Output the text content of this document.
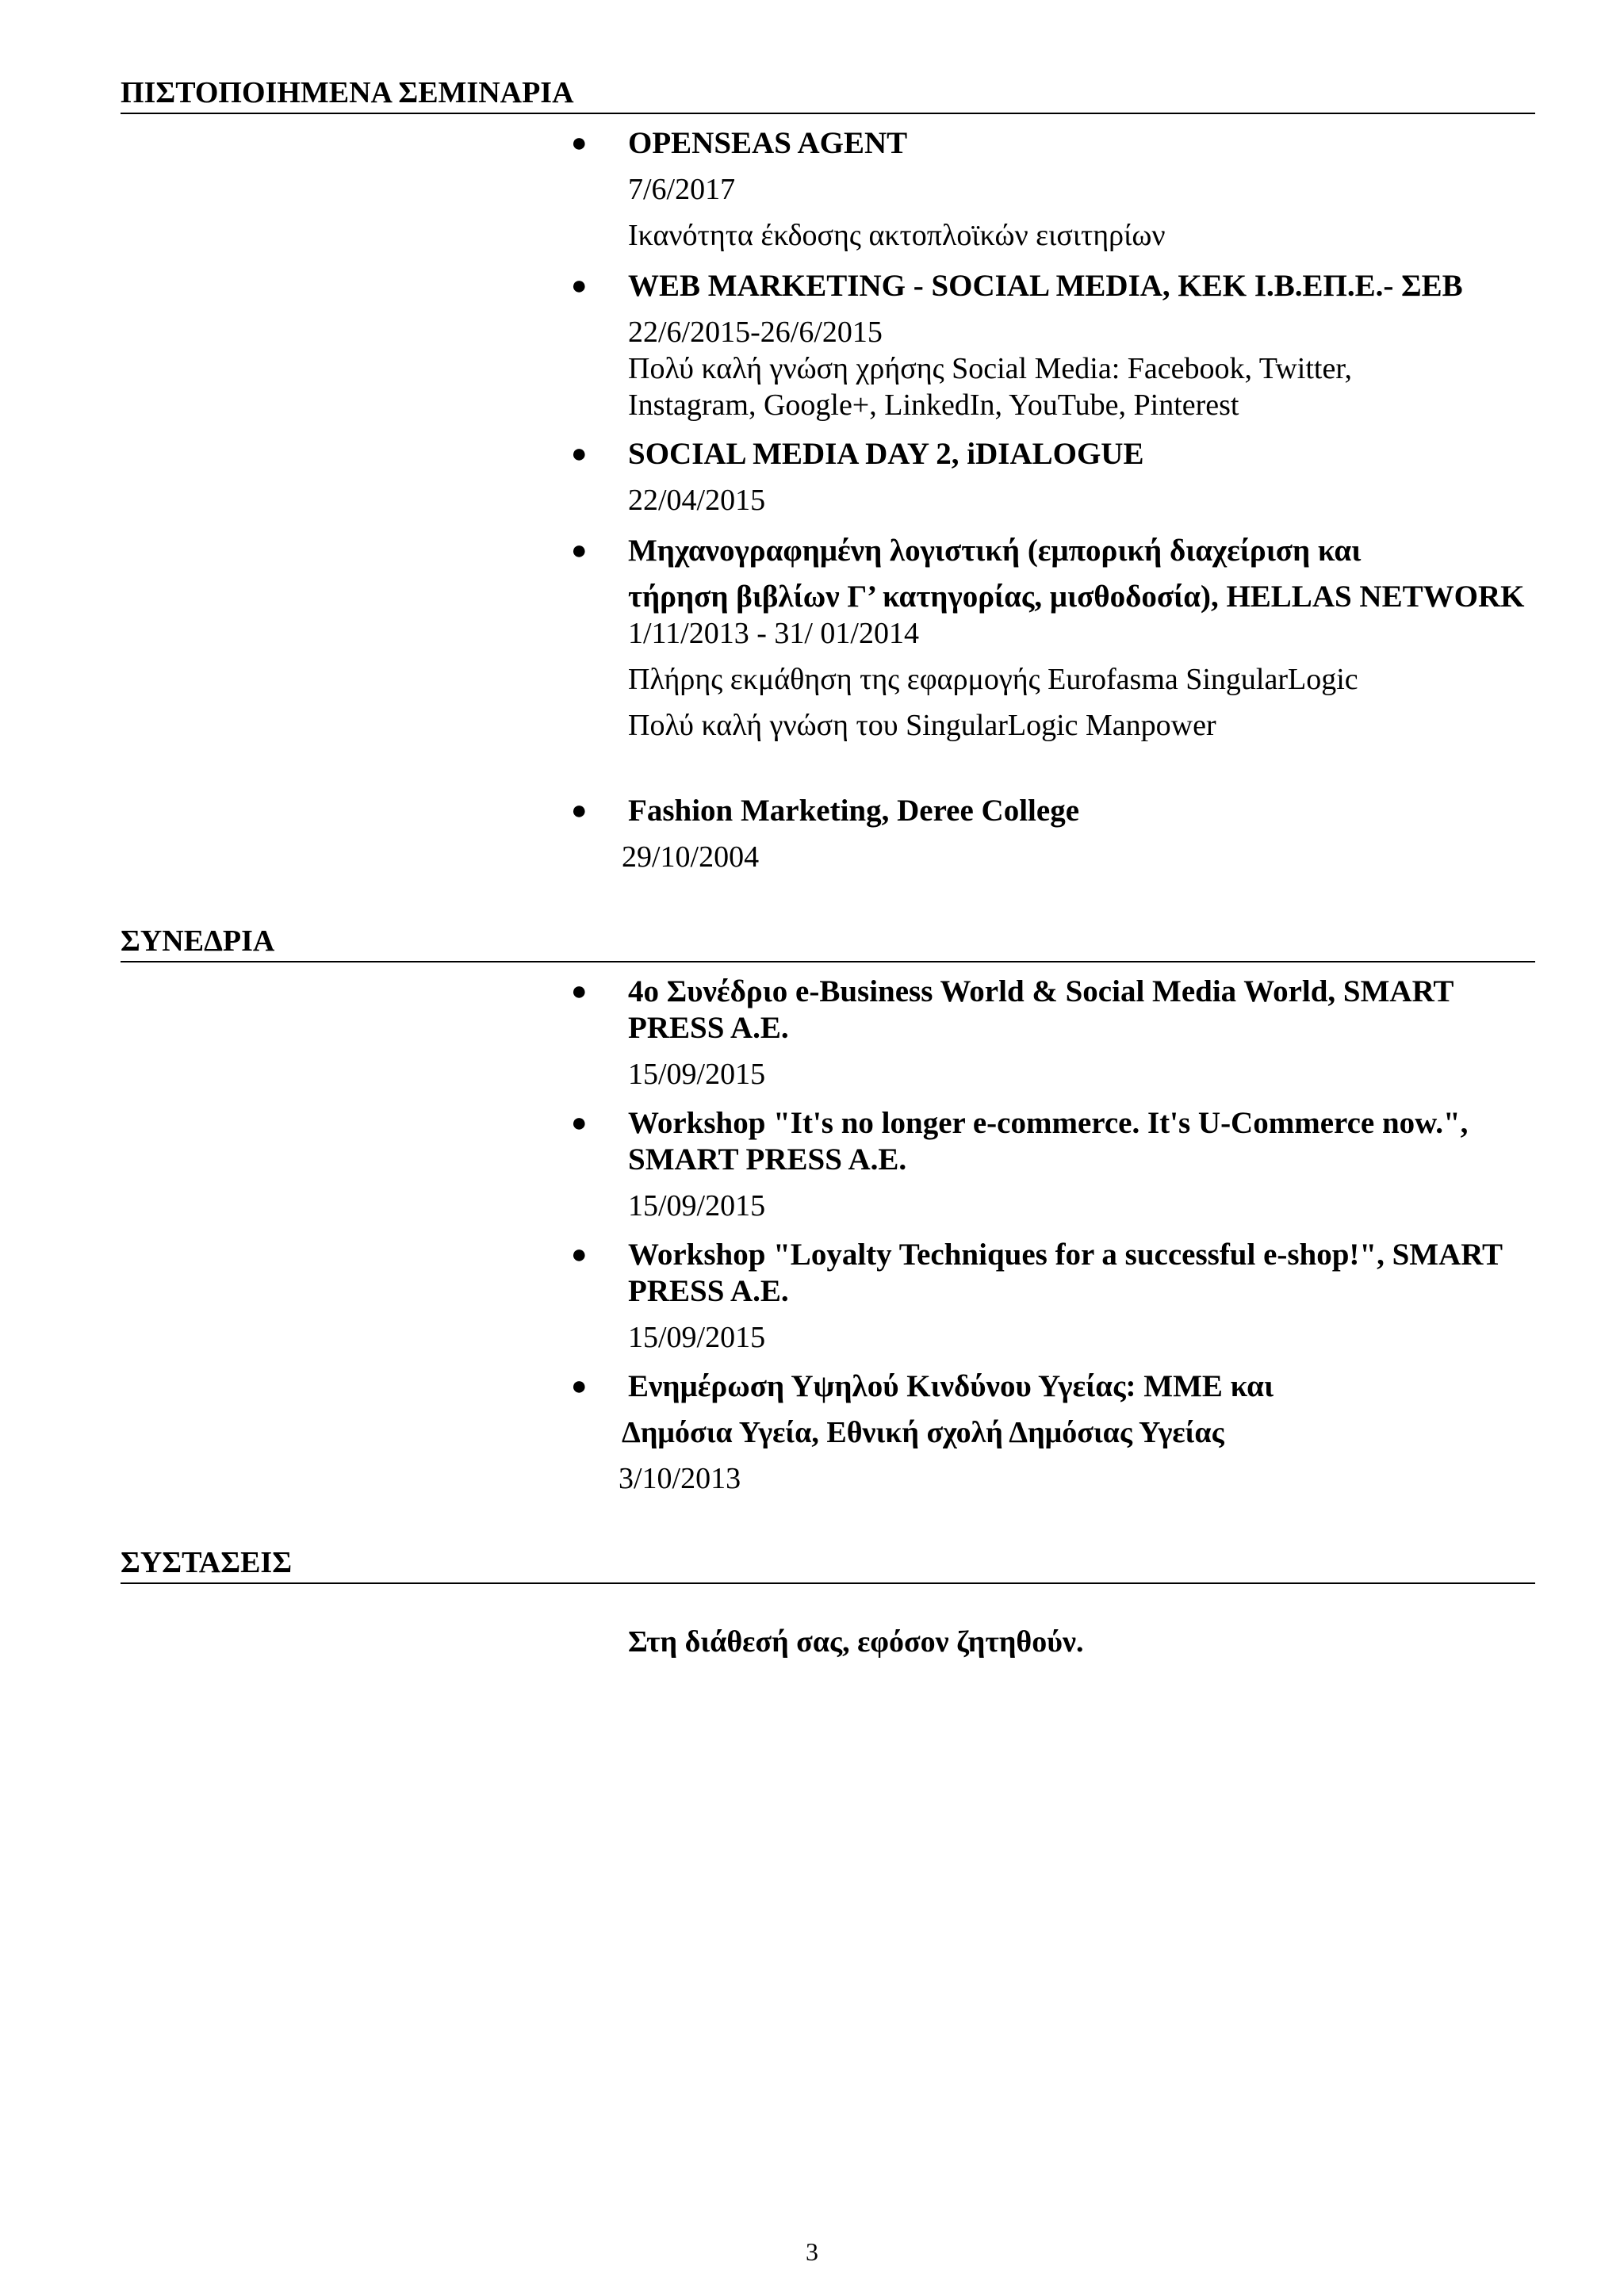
ΠΙΣΤΟΠΟΙΗΜΕΝΑ ΣΕΜΙΝΑΡΙΑ
● OPENSEAS AGENT
7/6/2017
Ικανότητα έκδοσης ακτοπλοϊκών εισιτηρίων
● WEB MARKETING - SOCIAL MEDIA, ΚΕΚ Ι.Β.ΕΠ.Ε.- ΣΕΒ
22/6/2015-26/6/2015
Πολύ καλή γνώση χρήσης Social Media: Facebook, Twitter,
Instagram, Google+, LinkedIn, YouTube, Pinterest
● SOCIAL MEDIA DAY 2, iDIALOGUE
22/04/2015
● Μηχανογραφημένη λογιστική (εμπορική διαχείριση και
τήρηση βιβλίων Γ’ κατηγορίας, μισθοδοσία), HELLAS NETWORK
1/11/2013 - 31/ 01/2014
Πλήρης εκμάθηση της εφαρμογής Eurofasma SingularLogic
Πολύ καλή γνώση του SingularLogic Manpower
● Fashion Marketing, Deree College
29/10/2004
ΣΥΝΕΔΡΙΑ
● 4ο Συνέδριο e-Business World & Social Media World, SMART PRESS A.E.
15/09/2015
● Workshop "It's no longer e-commerce. It's U-Commerce now.", SMART PRESS A.E.
15/09/2015
● Workshop "Loyalty Techniques for a successful e-shop!", SMART PRESS A.E.
15/09/2015
● Ενημέρωση Υψηλού Κινδύνου Υγείας: ΜΜΕ και
Δημόσια Υγεία, Εθνική σχολή Δημόσιας Υγείας
3/10/2013
ΣΥΣΤΑΣΕΙΣ
Στη διάθεσή σας, εφόσον ζητηθούν.
3
